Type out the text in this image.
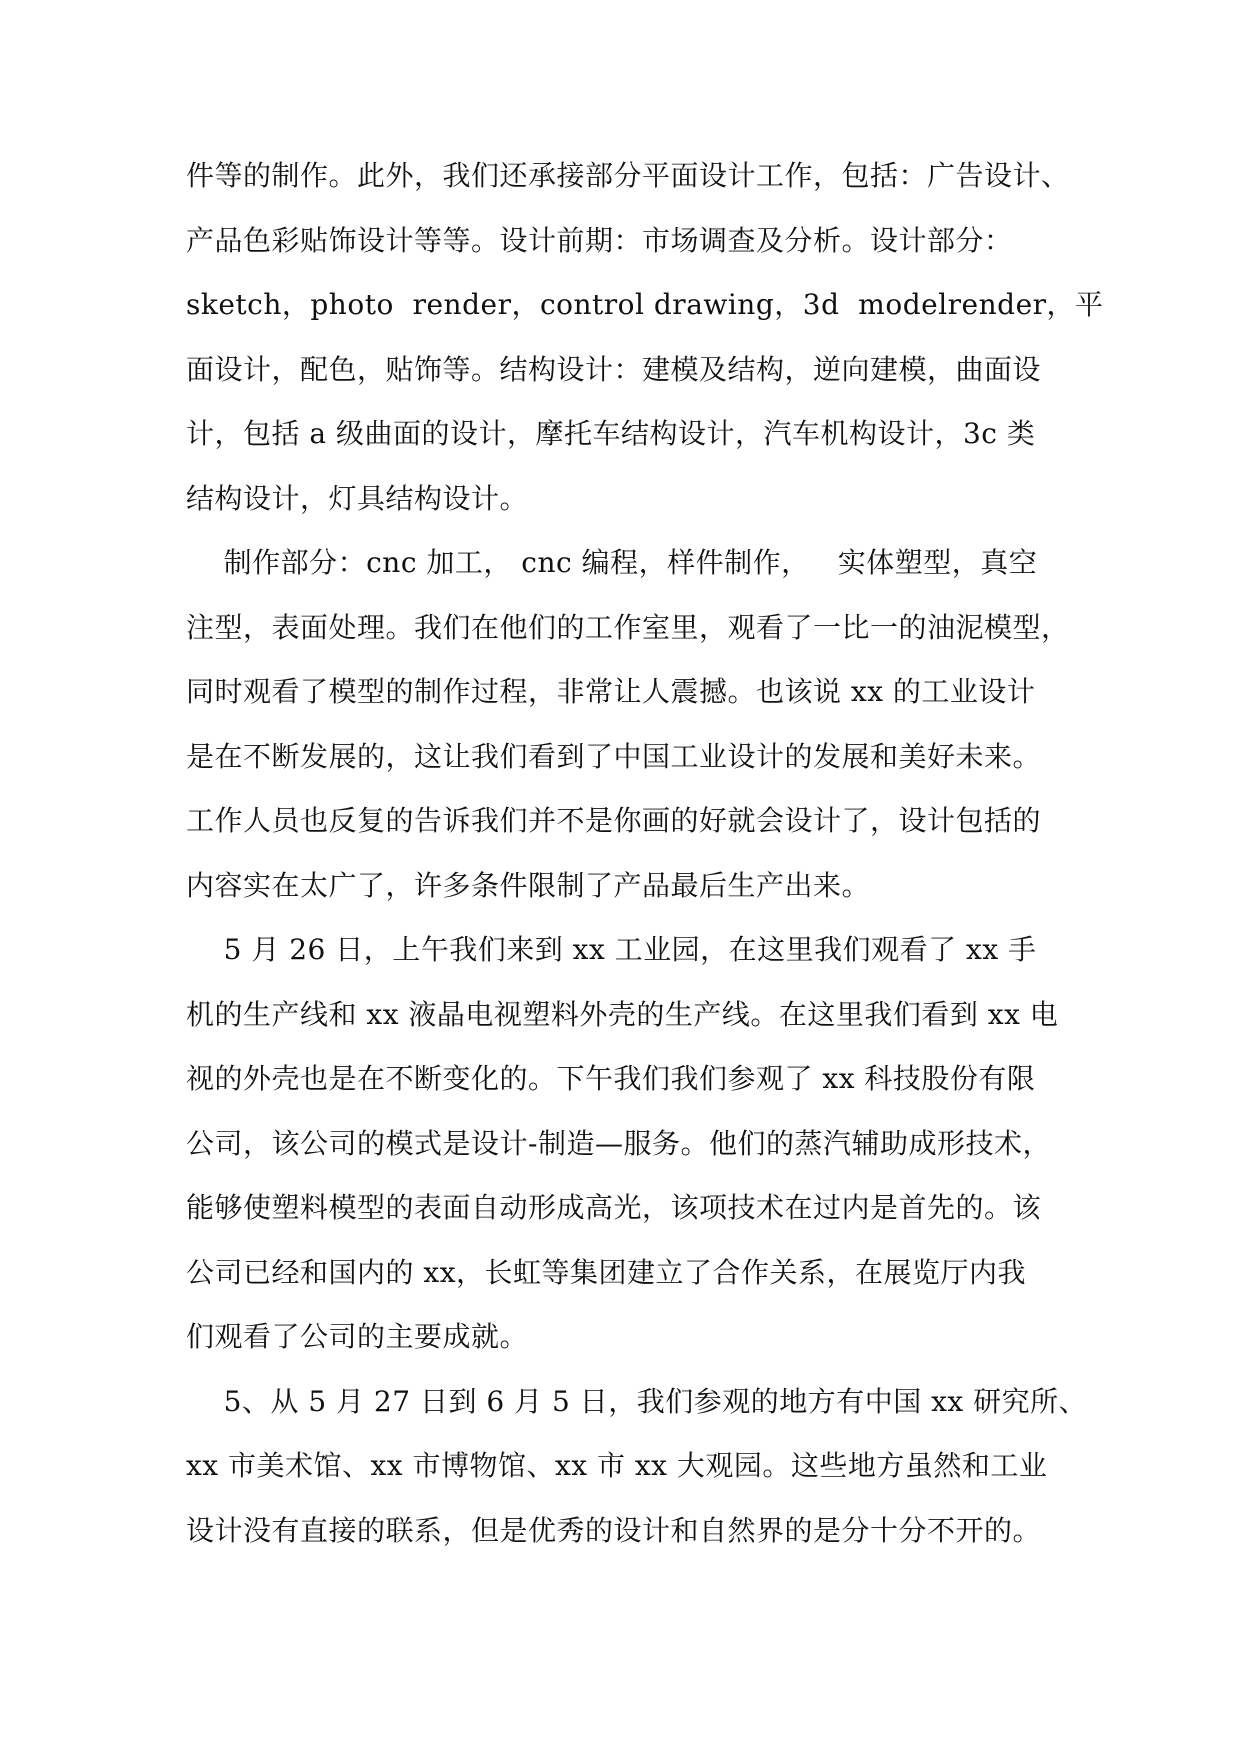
件等的制作。此外，我们还承接部分平面设计工作，包括：广告设计、
产品色彩贴饰设计等等。设计前期：市场调查及分析。设计部分：
sketch，photo  render，control drawing，3d  modelrender，平
面设计，配色，贴饰等。结构设计：建模及结构，逆向建模，曲面设
计，包括 a 级曲面的设计，摩托车结构设计，汽车机构设计，3c 类
结构设计，灯具结构设计。
制作部分：cnc 加工， cnc 编程，样件制作，   实体塑型，真空
注型，表面处理。我们在他们的工作室里，观看了一比一的油泥模型，
同时观看了模型的制作过程，非常让人震撼。也该说 xx 的工业设计
是在不断发展的，这让我们看到了中国工业设计的发展和美好未来。
工作人员也反复的告诉我们并不是你画的好就会设计了，设计包括的
内容实在太广了，许多条件限制了产品最后生产出来。
5 月 26 日，上午我们来到 xx 工业园，在这里我们观看了 xx 手
机的生产线和 xx 液晶电视塑料外壳的生产线。在这里我们看到 xx 电
视的外壳也是在不断变化的。下午我们我们参观了 xx 科技股份有限
公司，该公司的模式是设计-制造—服务。他们的蒸汽辅助成形技术，
能够使塑料模型的表面自动形成高光，该项技术在过内是首先的。该
公司已经和国内的 xx，长虹等集团建立了合作关系，在展览厅内我
们观看了公司的主要成就。
5、从 5 月 27 日到 6 月 5 日，我们参观的地方有中国 xx 研究所、
xx 市美术馆、xx 市博物馆、xx 市 xx 大观园。这些地方虽然和工业
设计没有直接的联系，但是优秀的设计和自然界的是分十分不开的。
